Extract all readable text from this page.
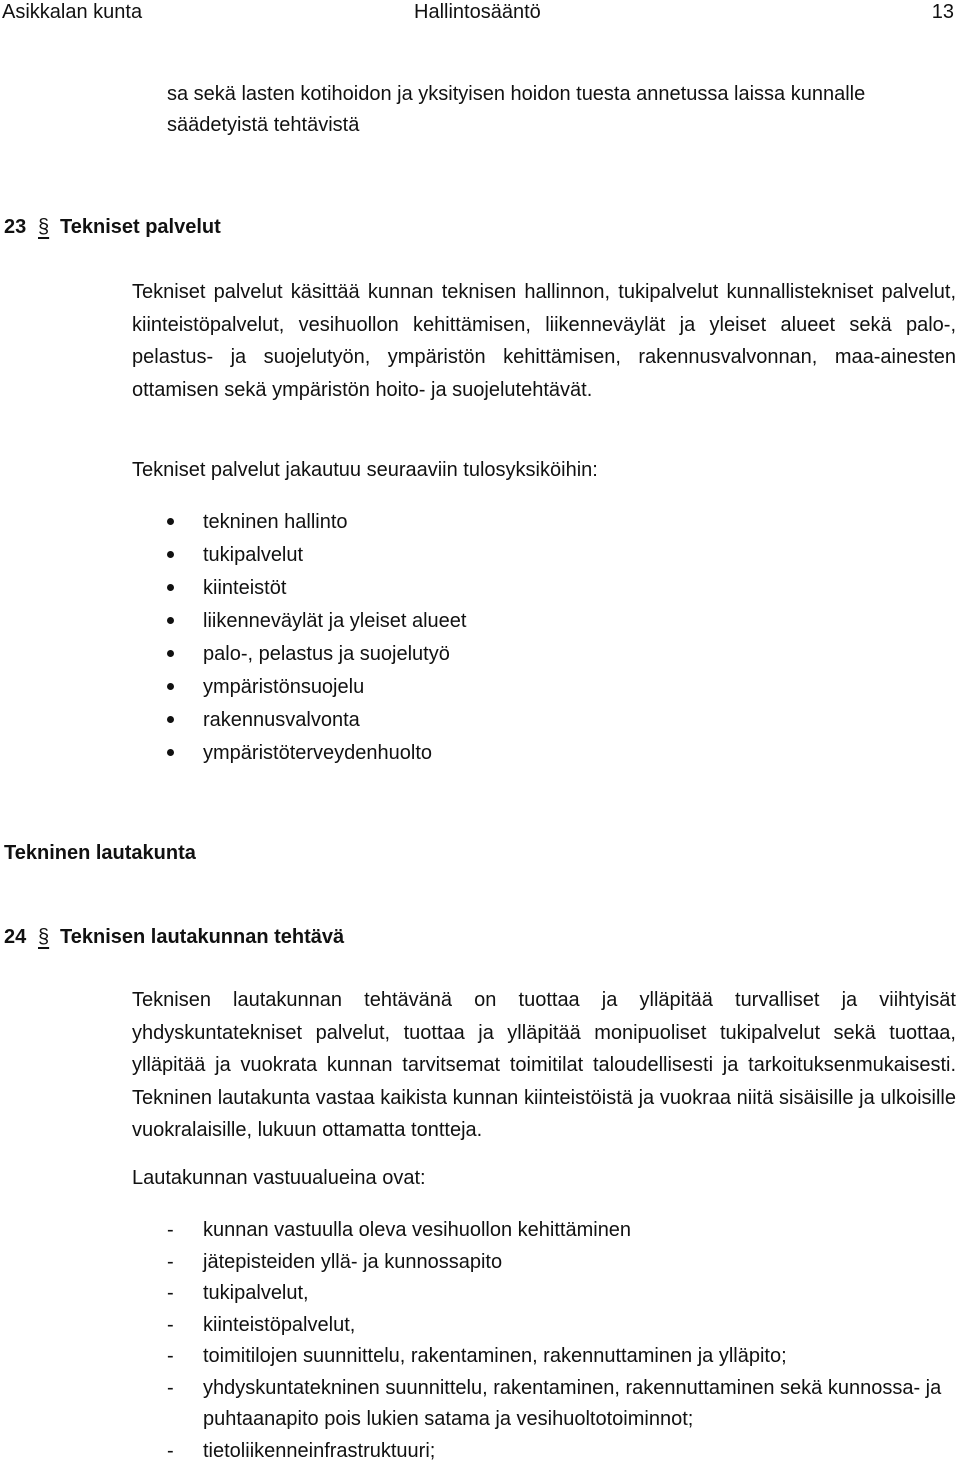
Asikkalan kunta	Hallintosääntö	13
sa sekä lasten kotihoidon ja yksityisen hoidon tuesta annetussa laissa kunnalle säädetyistä tehtävistä
23 § Tekniset palvelut
Tekniset palvelut käsittää kunnan teknisen hallinnon, tukipalvelut kunnallistekniset palvelut, kiinteistöpalvelut, vesihuollon kehittämisen, liikenneväylät ja yleiset alueet sekä palo-, pelastus- ja suojelutyön, ympäristön kehittämisen, rakennusvalvonnan, maa-ainesten ottamisen sekä ympäristön hoito- ja suojelutehtävät.
Tekniset palvelut jakautuu seuraaviin tulosyksiköihin:
tekninen hallinto
tukipalvelut
kiinteistöt
liikenneväylät ja yleiset alueet
palo-, pelastus ja suojelutyö
ympäristönsuojelu
rakennusvalvonta
ympäristöterveydenhuolto
Tekninen lautakunta
24 § Teknisen lautakunnan tehtävä
Teknisen lautakunnan tehtävänä on tuottaa ja ylläpitää turvalliset ja viihtyisät yhdyskuntatekniset palvelut, tuottaa ja ylläpitää monipuoliset tukipalvelut sekä tuottaa, ylläpitää ja vuokrata kunnan tarvitsemat toimitilat taloudellisesti ja tarkoituksenmukaisesti. Tekninen lautakunta vastaa kaikista kunnan kiinteistöistä ja vuokraa niitä sisäisille ja ulkoisille vuokralaisille, lukuun ottamatta tontteja.
Lautakunnan vastuualueina ovat:
- kunnan vastuulla oleva vesihuollon kehittäminen
- jätepisteiden yllä- ja kunnossapito
- tukipalvelut,
- kiinteistöpalvelut,
- toimitilojen suunnittelu, rakentaminen, rakennuttaminen ja ylläpito;
- yhdyskuntatekninen suunnittelu, rakentaminen, rakennuttaminen sekä kunnossa- ja puhtaanapito pois lukien satama ja vesihuoltotoiminnot;
- tietoliikenneinfrastruktuuri;
